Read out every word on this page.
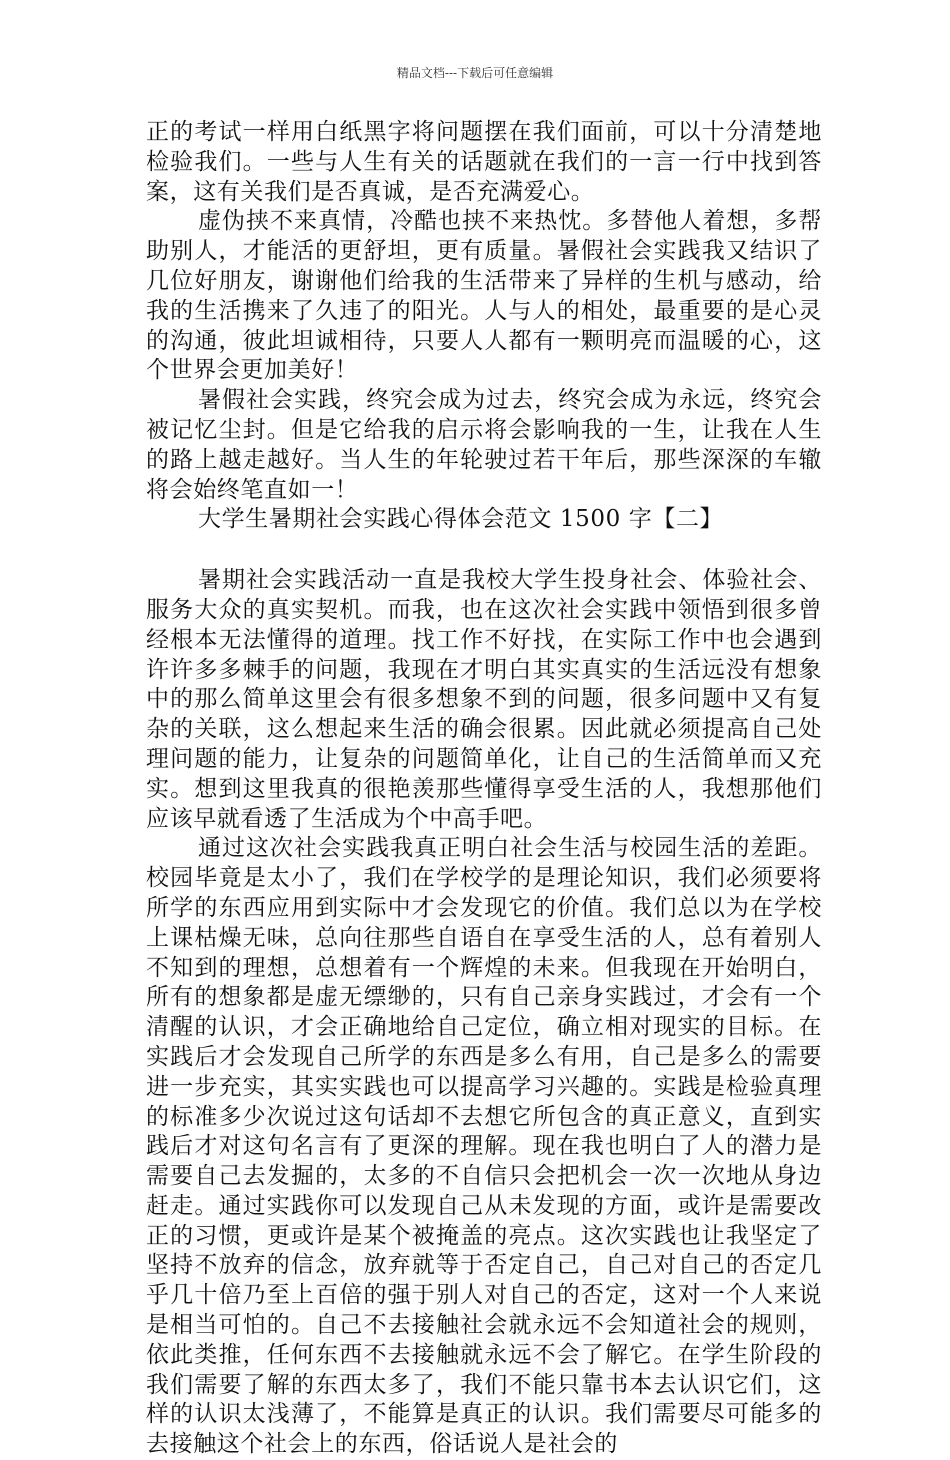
精品文档---下载后可任意编辑

正的考试一样用白纸黑字将问题摆在我们面前，可以十分清楚地检验我们。一些与人生有关的话题就在我们的一言一行中找到答案，这有关我们是否真诚，是否充满爱心。

虚伪挟不来真情，冷酷也挟不来热忱。多替他人着想，多帮助别人，才能活的更舒坦，更有质量。暑假社会实践我又结识了几位好朋友，谢谢他们给我的生活带来了异样的生机与感动，给我的生活携来了久违了的阳光。人与人的相处，最重要的是心灵的沟通，彼此坦诚相待，只要人人都有一颗明亮而温暖的心，这个世界会更加美好！

暑假社会实践，终究会成为过去，终究会成为永远，终究会被记忆尘封。但是它给我的启示将会影响我的一生，让我在人生的路上越走越好。当人生的年轮驶过若干年后，那些深深的车辙将会始终笔直如一！

大学生暑期社会实践心得体会范文 1500 字【二】

暑期社会实践活动一直是我校大学生投身社会、体验社会、服务大众的真实契机。而我，也在这次社会实践中领悟到很多曾经根本无法懂得的道理。找工作不好找，在实际工作中也会遇到许许多多棘手的问题，我现在才明白其实真实的生活远没有想象中的那么简单这里会有很多想象不到的问题，很多问题中又有复杂的关联，这么想起来生活的确会很累。因此就必须提高自己处理问题的能力，让复杂的问题简单化，让自己的生活简单而又充实。想到这里我真的很艳羡那些懂得享受生活的人，我想那他们应该早就看透了生活成为个中高手吧。

通过这次社会实践我真正明白社会生活与校园生活的差距。校园毕竟是太小了，我们在学校学的是理论知识，我们必须要将所学的东西应用到实际中才会发现它的价值。我们总以为在学校上课枯燥无味，总向往那些自语自在享受生活的人，总有着别人不知到的理想，总想着有一个辉煌的未来。但我现在开始明白，所有的想象都是虚无缥缈的，只有自己亲身实践过，才会有一个清醒的认识，才会正确地给自己定位，确立相对现实的目标。在实践后才会发现自己所学的东西是多么有用，自己是多么的需要进一步充实，其实实践也可以提高学习兴趣的。实践是检验真理的标准多少次说过这句话却不去想它所包含的真正意义，直到实践后才对这句名言有了更深的理解。现在我也明白了人的潜力是需要自己去发掘的，太多的不自信只会把机会一次一次地从身边赶走。通过实践你可以发现自己从未发现的方面，或许是需要改正的习惯，更或许是某个被掩盖的亮点。这次实践也让我坚定了坚持不放弃的信念，放弃就等于否定自己，自己对自己的否定几乎几十倍乃至上百倍的强于别人对自己的否定，这对一个人来说是相当可怕的。自己不去接触社会就永远不会知道社会的规则，依此类推，任何东西不去接触就永远不会了解它。在学生阶段的我们需要了解的东西太多了，我们不能只靠书本去认识它们，这样的认识太浅薄了，不能算是真正的认识。我们需要尽可能多的去接触这个社会上的东西，俗话说人是社会的
